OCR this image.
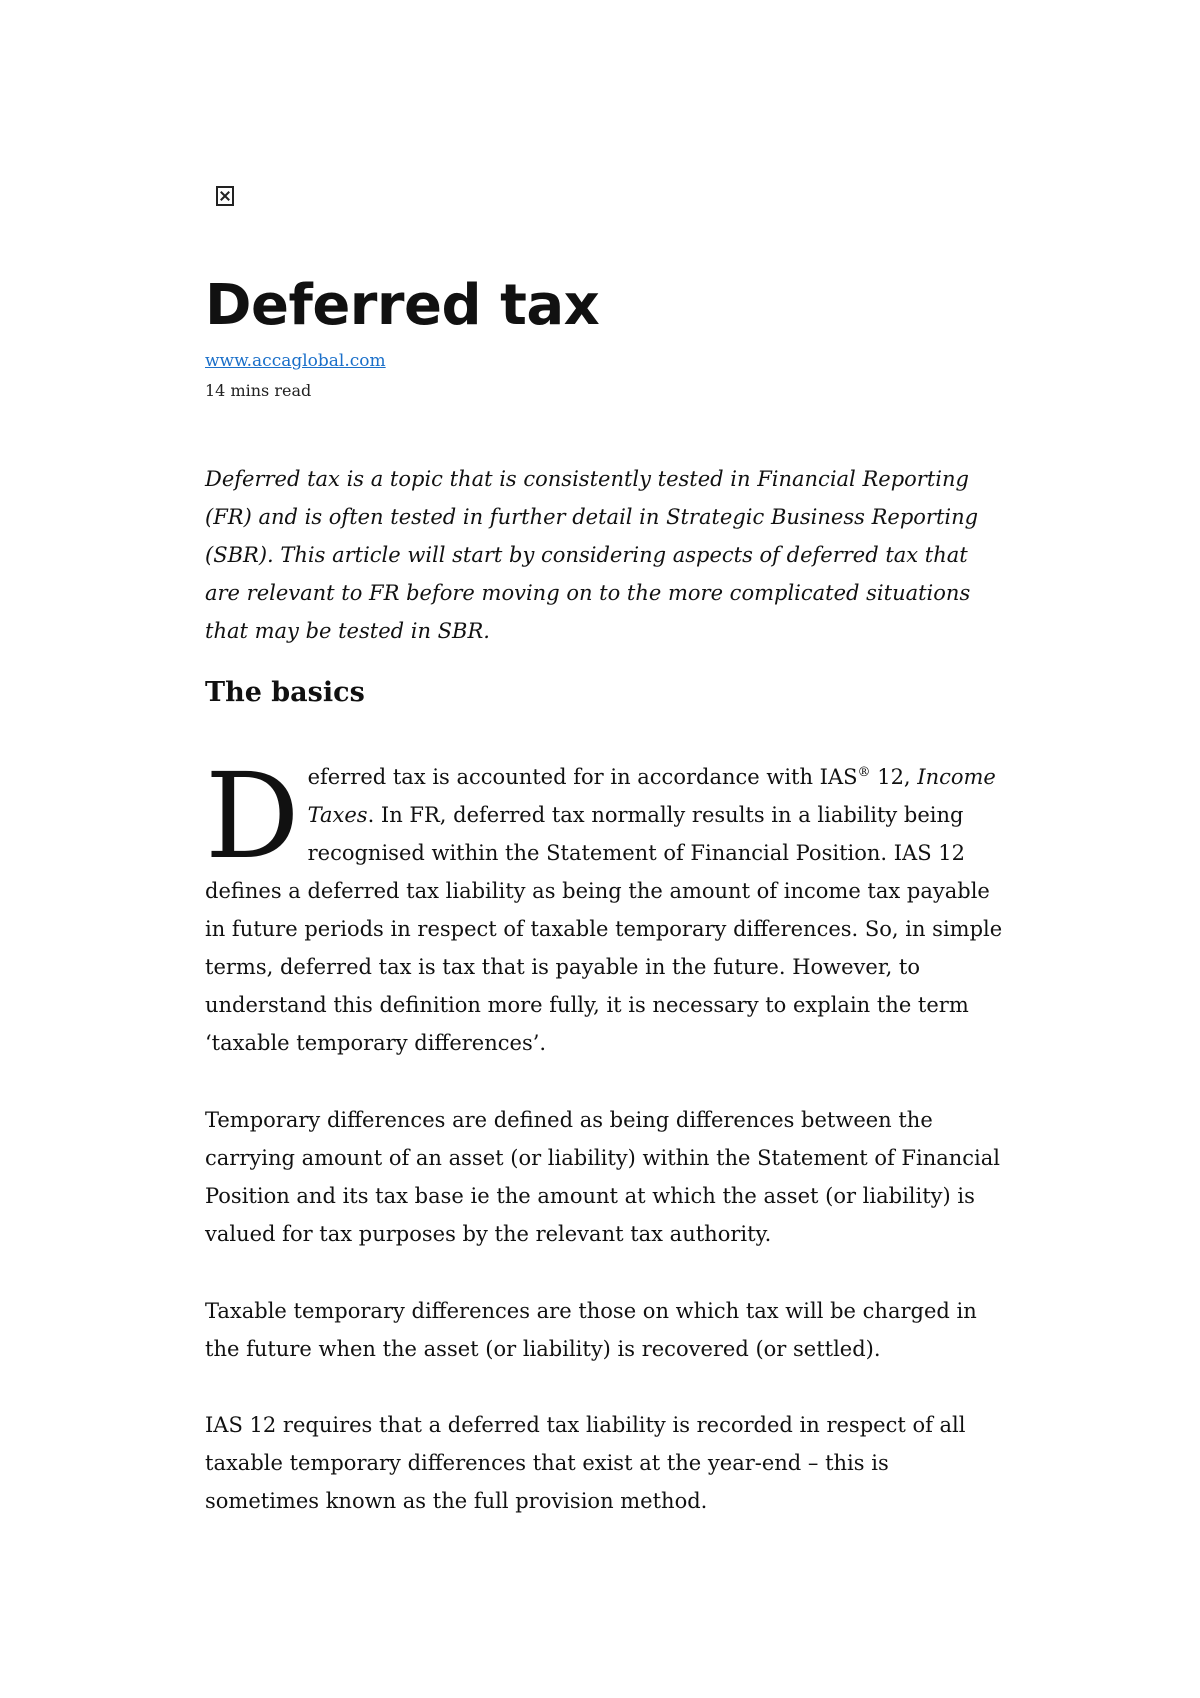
Deferred tax
www.accaglobal.com
14 mins read

Deferred tax is a topic that is consistently tested in Financial Reporting (FR) and is often tested in further detail in Strategic Business Reporting (SBR). This article will start by considering aspects of deferred tax that are relevant to FR before moving on to the more complicated situations that may be tested in SBR.

The basics

Deferred tax is accounted for in accordance with IAS® 12, Income Taxes. In FR, deferred tax normally results in a liability being recognised within the Statement of Financial Position. IAS 12 defines a deferred tax liability as being the amount of income tax payable in future periods in respect of taxable temporary differences. So, in simple terms, deferred tax is tax that is payable in the future. However, to understand this definition more fully, it is necessary to explain the term ‘taxable temporary differences’.

Temporary differences are defined as being differences between the carrying amount of an asset (or liability) within the Statement of Financial Position and its tax base ie the amount at which the asset (or liability) is valued for tax purposes by the relevant tax authority.

Taxable temporary differences are those on which tax will be charged in the future when the asset (or liability) is recovered (or settled).

IAS 12 requires that a deferred tax liability is recorded in respect of all taxable temporary differences that exist at the year-end – this is sometimes known as the full provision method.
